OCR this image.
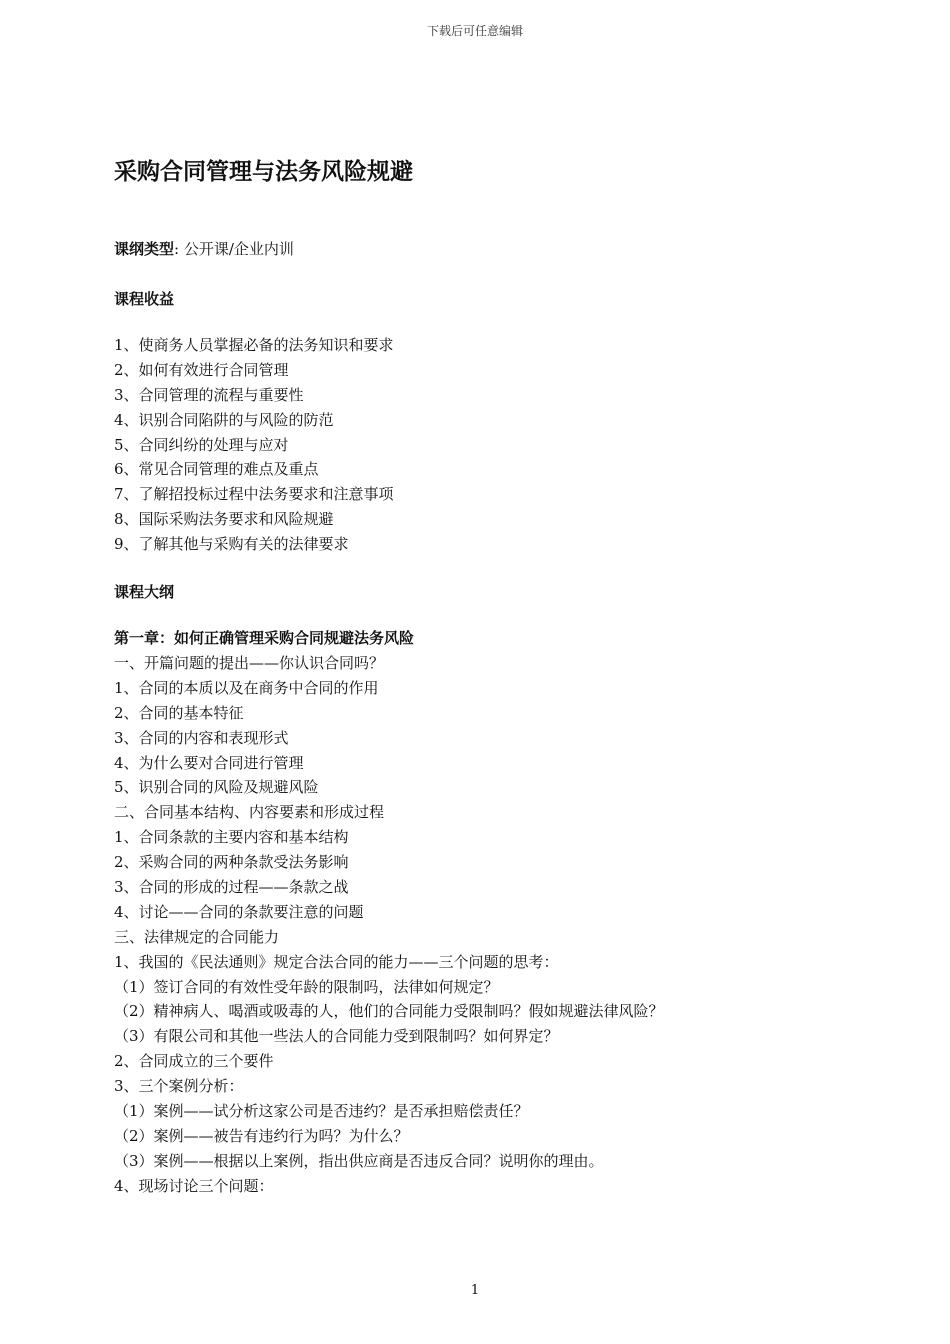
下载后可任意编辑
采购合同管理与法务风险规避
课纲类型: 公开课/企业内训
课程收益
1、使商务人员掌握必备的法务知识和要求
2、如何有效进行合同管理
3、合同管理的流程与重要性
4、识别合同陷阱的与风险的防范
5、合同纠纷的处理与应对
6、常见合同管理的难点及重点
7、了解招投标过程中法务要求和注意事项
8、国际采购法务要求和风险规避
9、了解其他与采购有关的法律要求
课程大纲
第一章：如何正确管理采购合同规避法务风险
一、开篇问题的提出——你认识合同吗？
1、合同的本质以及在商务中合同的作用
2、合同的基本特征
3、合同的内容和表现形式
4、为什么要对合同进行管理
5、识别合同的风险及规避风险
二、合同基本结构、内容要素和形成过程
1、合同条款的主要内容和基本结构
2、采购合同的两种条款受法务影响
3、合同的形成的过程——条款之战
4、讨论——合同的条款要注意的问题
三、法律规定的合同能力
1、我国的《民法通则》规定合法合同的能力——三个问题的思考：
（1）签订合同的有效性受年龄的限制吗，法律如何规定？
（2）精神病人、喝酒或吸毒的人，他们的合同能力受限制吗？假如规避法律风险？
（3）有限公司和其他一些法人的合同能力受到限制吗？如何界定？
2、合同成立的三个要件
3、三个案例分析：
（1）案例——试分析这家公司是否违约？是否承担赔偿责任？
（2）案例——被告有违约行为吗？为什么？
（3）案例——根据以上案例，指出供应商是否违反合同？说明你的理由。
4、现场讨论三个问题：
1
